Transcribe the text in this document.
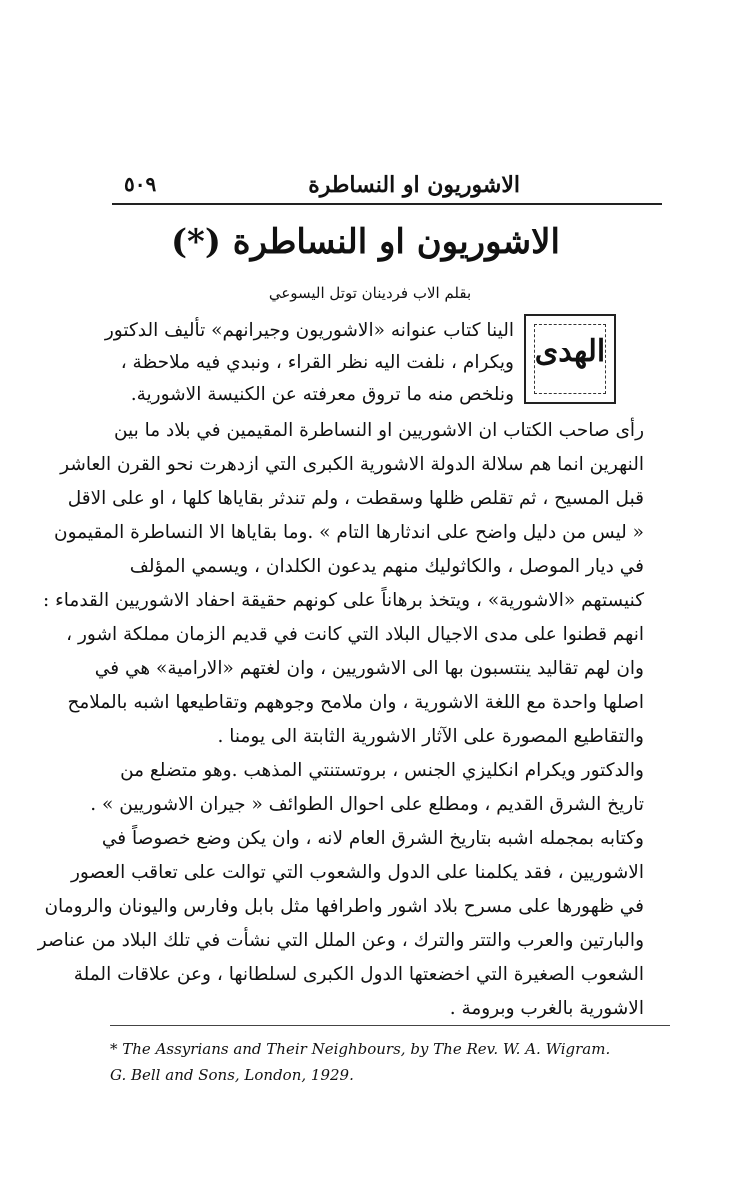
الاشوريون او النساطرة
٥٠٩
الاشوريون او النساطرة (*)
بقلم الاب فردينان توتل اليسوعي
الهدى
الينا كتاب عنوانه «الاشوريون وجيرانهم» تأليف الدكتور
ويكرام ، نلفت اليه نظر القراء ، ونبدي فيه ملاحظة ،
ونلخص منه ما تروق معرفته عن الكنيسة الاشورية.
رأى صاحب الكتاب ان الاشوريين او النساطرة المقيمين في بلاد ما بين
النهرين انما هم سلالة الدولة الاشورية الكبرى التي ازدهرت نحو القرن العاشر
قبل المسيح ، ثم تقلص ظلها وسقطت ، ولم تندثر بقاياها كلها ، او على الاقل
« ليس من دليل واضح على اندثارها التام » .وما بقاياها الا النساطرة المقيمون
في ديار الموصل ، والكاثوليك منهم يدعون الكلدان ، ويسمي المؤلف
كنيستهم «الاشورية» ، ويتخذ برهاناً على كونهم حقيقة احفاد الاشوريين القدماء :
انهم قطنوا على مدى الاجيال البلاد التي كانت في قديم الزمان مملكة اشور ،
وان لهم تقاليد ينتسبون بها الى الاشوريين ، وان لغتهم «الارامية» هي في
اصلها واحدة مع اللغة الاشورية ، وان ملامح وجوههم وتقاطيعها اشبه بالملامح
والتقاطيع المصورة على الآثار الاشورية الثابتة الى يومنا .
والدكتور ويكرام انكليزي الجنس ، بروتستنتي المذهب .وهو متضلع من
تاريخ الشرق القديم ، ومطلع على احوال الطوائف « جيران الاشوريين » .
وكتابه بمجمله اشبه بتاريخ الشرق العام لانه ، وان يكن وضع خصوصاً في
الاشوريين ، فقد يكلمنا على الدول والشعوب التي توالت على تعاقب العصور
في ظهورها على مسرح بلاد اشور واطرافها مثل بابل وفارس واليونان والرومان
والبارتين والعرب والتتر والترك ، وعن الملل التي نشأت في تلك البلاد من عناصر
الشعوب الصغيرة التي اخضعتها الدول الكبرى لسلطانها ، وعن علاقات الملة
الاشورية بالغرب وبرومة .
* The Assyrians and Their Neighbours, by The Rev. W. A. Wigram.
G. Bell and Sons, London, 1929.
